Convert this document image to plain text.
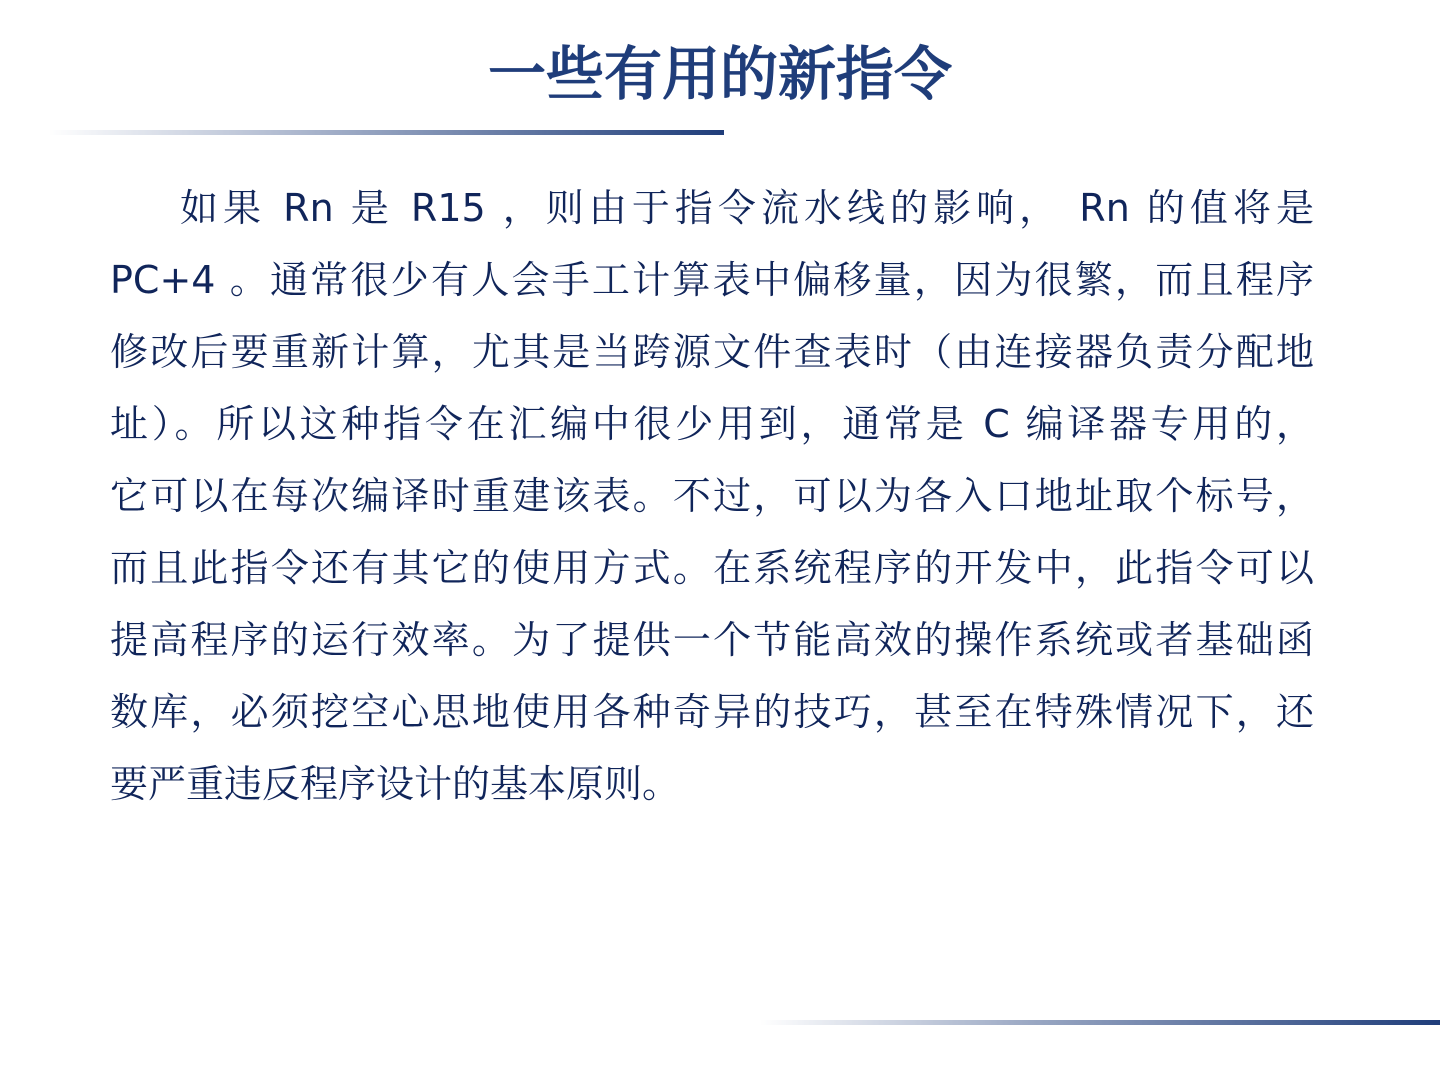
一些有用的新指令
如果 Rn 是 R15 ，则由于指令流水线的影响， Rn 的值将是
PC+4 。通常很少有人会手工计算表中偏移量，因为很繁，而且程序
修改后要重新计算，尤其是当跨源文件查表时（由连接器负责分配地
址）。所以这种指令在汇编中很少用到，通常是 C 编译器专用的，
它可以在每次编译时重建该表。不过，可以为各入口地址取个标号，
而且此指令还有其它的使用方式。在系统程序的开发中，此指令可以
提高程序的运行效率。为了提供一个节能高效的操作系统或者基础函
数库，必须挖空心思地使用各种奇异的技巧，甚至在特殊情况下，还
要严重违反程序设计的基本原则。
